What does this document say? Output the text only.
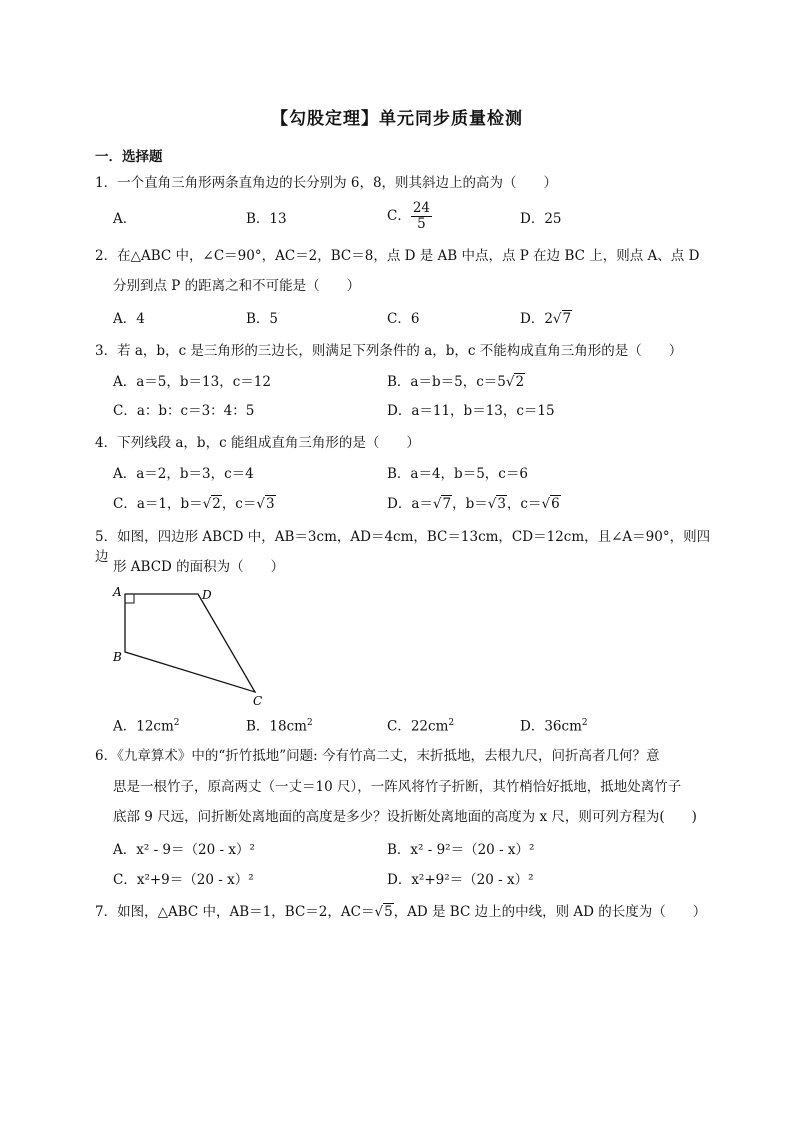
【勾股定理】单元同步质量检测
一．选择题
1．一个直角三角形两条直角边的长分别为 6，8，则其斜边上的高为（　　）
A．	B．13	C． $\frac{24}{5}$	D．25
2．在△ABC 中，∠C＝90°，AC＝2，BC＝8，点 D 是 AB 中点，点 P 在边 BC 上，则点 A、点 D
分别到点 P 的距离之和不可能是（　　）
A．4	B．5	C．6	D．2√7
3．若 a，b，c 是三角形的三边长，则满足下列条件的 a，b，c 不能构成直角三角形的是（　　）
A．a＝5，b＝13，c＝12	B．a＝b＝5，c＝5√2
C．a：b：c＝3：4：5	D．a＝11，b＝13，c＝15
4．下列线段 a，b，c 能组成直角三角形的是（　　）
A．a＝2，b＝3，c＝4	B．a＝4，b＝5，c＝6
C．a＝1，b＝√2，c＝√3	D．a＝√7，b＝√3，c＝√6
5．如图，四边形 ABCD 中，AB＝3cm，AD＝4cm，BC＝13cm，CD＝12cm，且∠A＝90°，则四边
形 ABCD 的面积为（　　）
A	D
B
C
A．$12cm^2$	B．$18cm^2$	C．$22cm^2$	D．$36cm^2$
6．《九章算术》中的“折竹抵地”问题: 今有竹高二丈，末折抵地，去根九尺，问折高者几何？意
思是一根竹子，原高两丈（一丈＝10 尺），一阵风将竹子折断，其竹梢恰好抵地，抵地处离竹子
底部 9 尺远，问折断处离地面的高度是多少？设折断处离地面的高度为 x 尺，则可列方程为(　　)
A．x² - 9＝（20 - x）²	B．x² - 9²＝（20 - x）²
C．x²+9＝（20 - x）²	D．x²+9²＝（20 - x）²
7．如图，△ABC 中，AB＝1，BC＝2，AC＝√5，AD 是 BC 边上的中线，则 AD 的长度为（　　）
